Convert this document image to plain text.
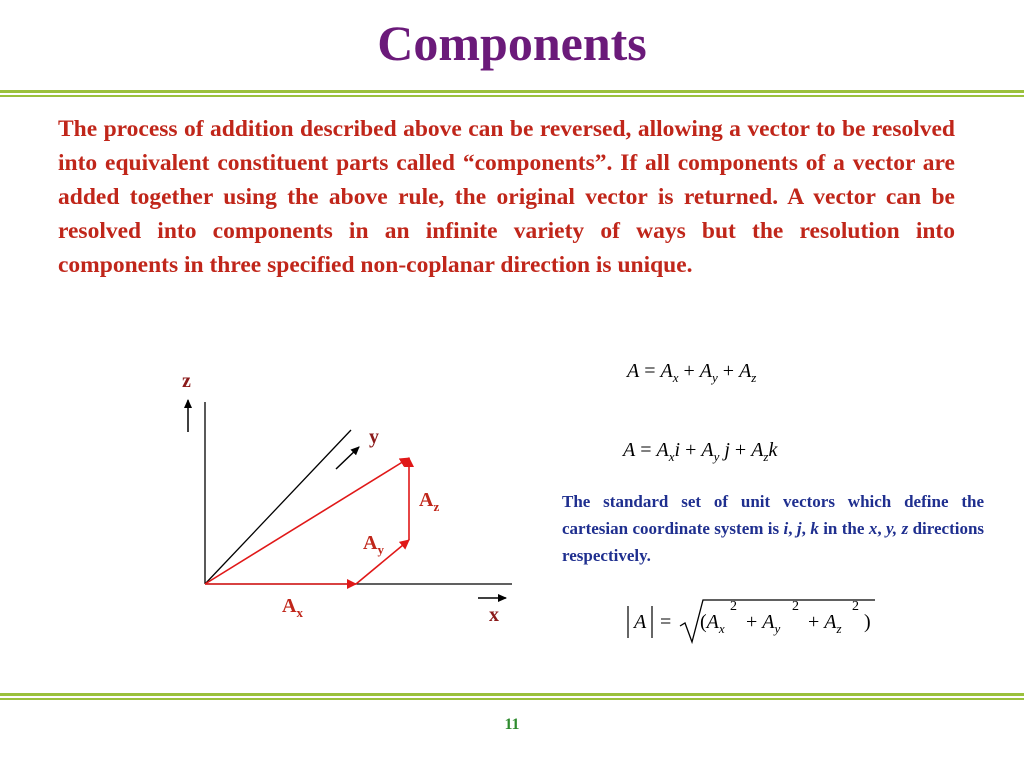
Components
The process of addition described above can be reversed, allowing a vector to be resolved into equivalent constituent parts called “components”. If all components of a vector are added together using the above rule, the original vector is returned. A vector can be resolved into components in an infinite variety of ways but the resolution into components in three specified non-coplanar direction is unique.
z
y
x
$A_x$
$A_y$
$A_z$
$A = A_x + A_y + A_z$
$A = A_xi + A_y$ $j + A_zk$
The standard set of unit vectors which define the cartesian coordinate system is i, j, k in the x, y, z directions respectively.
$A = (A_x$
2
+ $A_y$
2
+ $A_z$
2
)
11
